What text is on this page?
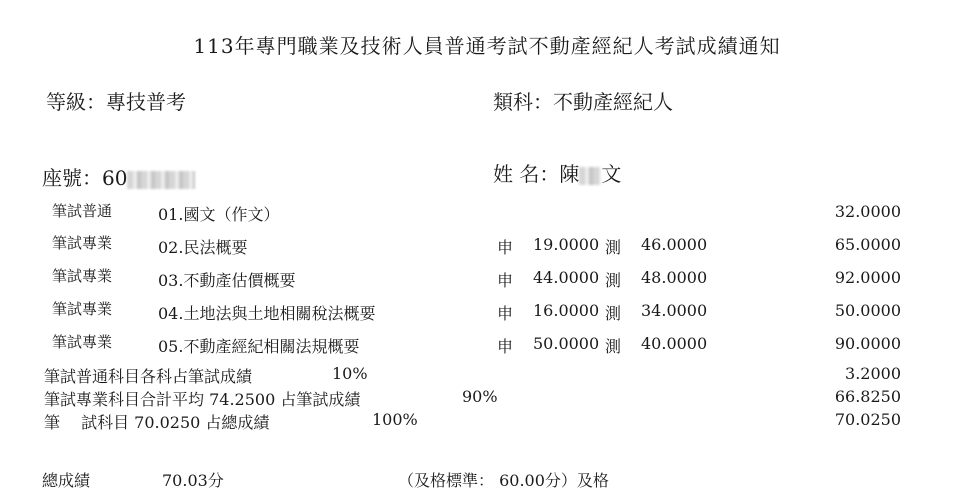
113年專門職業及技術人員普通考試不動產經紀人考試成績通知
等級：專技普考	類科：不動產經紀人
座號：60	姓 名：陳 文
筆試普通	01.國文（作文）	32.0000
筆試專業	02.民法概要	申 19.0000 測 46.0000	65.0000
筆試專業	03.不動產估價概要	申 44.0000 測 48.0000	92.0000
筆試專業	04.土地法與土地相關稅法概要	申 16.0000 測 34.0000	50.0000
筆試專業	05.不動產經紀相關法規概要	申 50.0000 測 40.0000	90.0000
筆試普通科目各科占筆試成績	10%	3.2000
筆試專業科目合計平均 74.2500 占筆試成績	90%	66.8250
筆　 試科目 70.0250 占總成績	100%	70.0250
總成績	70.03分	（及格標準： 60.00分）及格
